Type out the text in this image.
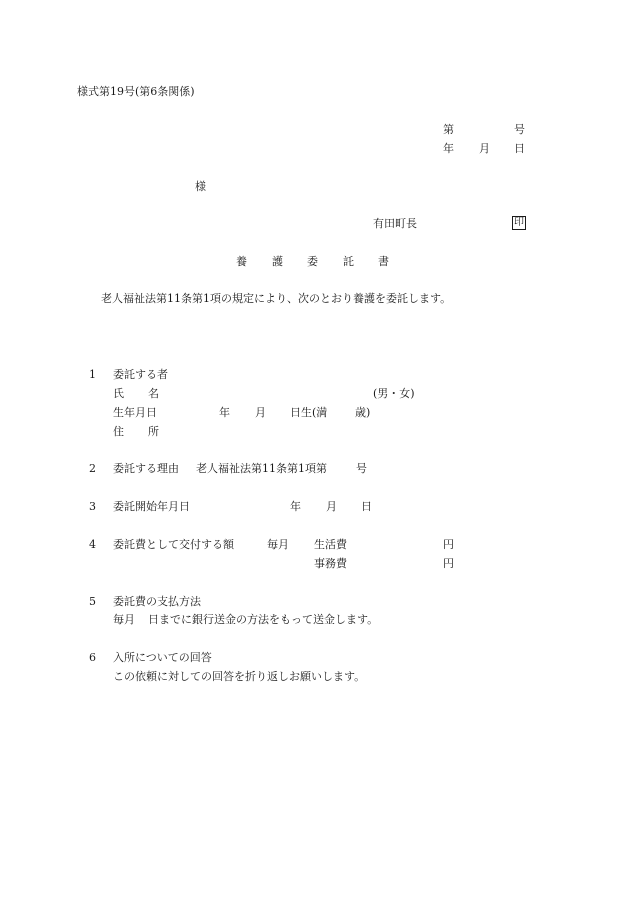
様式第19号(第6条関係)
第	号
年 月 日
様
有田町長	印
養 護 委 託 書
老人福祉法第11条第1項の規定により、次のとおり養護を委託します。
1 委託する者
氏 名	(男・女)
生年月日	年 月 日生(満	歳)
住 所
2 委託する理由 老人福祉法第11条第1項第	号
3 委託開始年月日	年 月 日
4 委託費として交付する額	毎月 生活費	円
事務費	円
5 委託費の支払方法
毎月 日までに銀行送金の方法をもって送金します。
6 入所についての回答
この依頼に対しての回答を折り返しお願いします。
